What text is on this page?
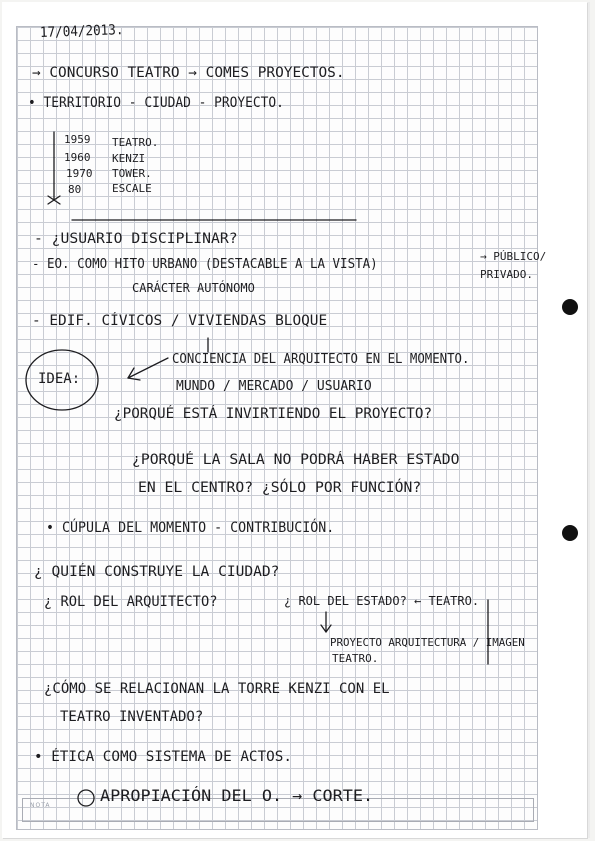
NOTA
17/04/2013.
→ CONCURSO TEATRO → COMES PROYECTOS.
• TERRITORIO - CIUDAD - PROYECTO.
1959
1960
1970
80
TEATRO.
KENZI
TOWER.
ESCALE
- ¿USUARIO DISCIPLINAR?
- EO. COMO HITO URBANO (DESTACABLE A LA VISTA)
→ PÚBLICO/ PRIVADO.
CARÁCTER AUTÓNOMO
- EDIF. CÍVICOS / VIVIENDAS BLOQUE
IDEA:
CONCIENCIA DEL ARQUITECTO EN EL MOMENTO.
MUNDO / MERCADO / USUARIO
¿PORQUÉ ESTÁ INVIRTIENDO EL PROYECTO?
¿PORQUÉ LA SALA NO PODRÁ HABER ESTADO
EN EL CENTRO? ¿SÓLO POR FUNCIÓN?
• CÚPULA DEL MOMENTO - CONTRIBUCIÓN.
¿ QUIÉN CONSTRUYE LA CIUDAD?
¿ ROL DEL ARQUITECTO?	¿ ROL DEL ESTADO? ← TEATRO.
PROYECTO ARQUITECTURA / IMAGEN
TEATRO.
¿CÓMO SE RELACIONAN LA TORRE KENZI CON EL
TEATRO INVENTADO?
• ÉTICA COMO SISTEMA DE ACTOS.
APROPIACIÓN DEL O. → CORTE.
